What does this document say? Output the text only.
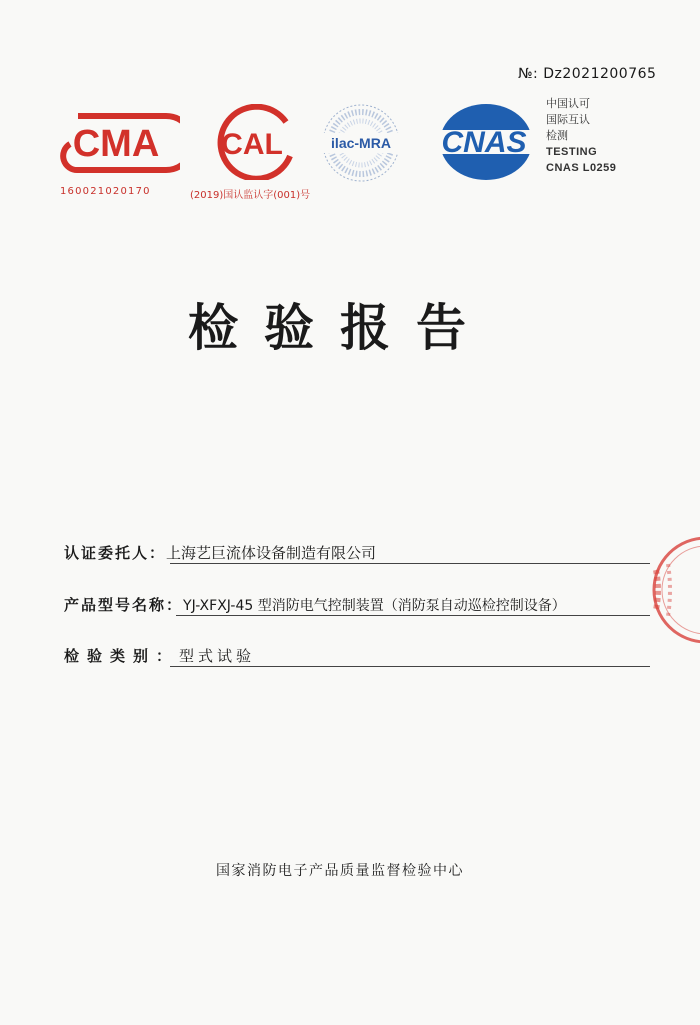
№: Dz2021200765
CMA
160021020170
CAL
(2019)国认监认字(001)号
ilac-MRA CNAS
中国认可
国际互认
检测
TESTING
CNAS L0259
检验报告
认证委托人：上海艺巨流体设备制造有限公司
产品型号名称：YJ-XFXJ-45 型消防电气控制装置（消防泵自动巡检控制设备）
检验类别：型式试验
国家消防电子产品质量监督检验中心
